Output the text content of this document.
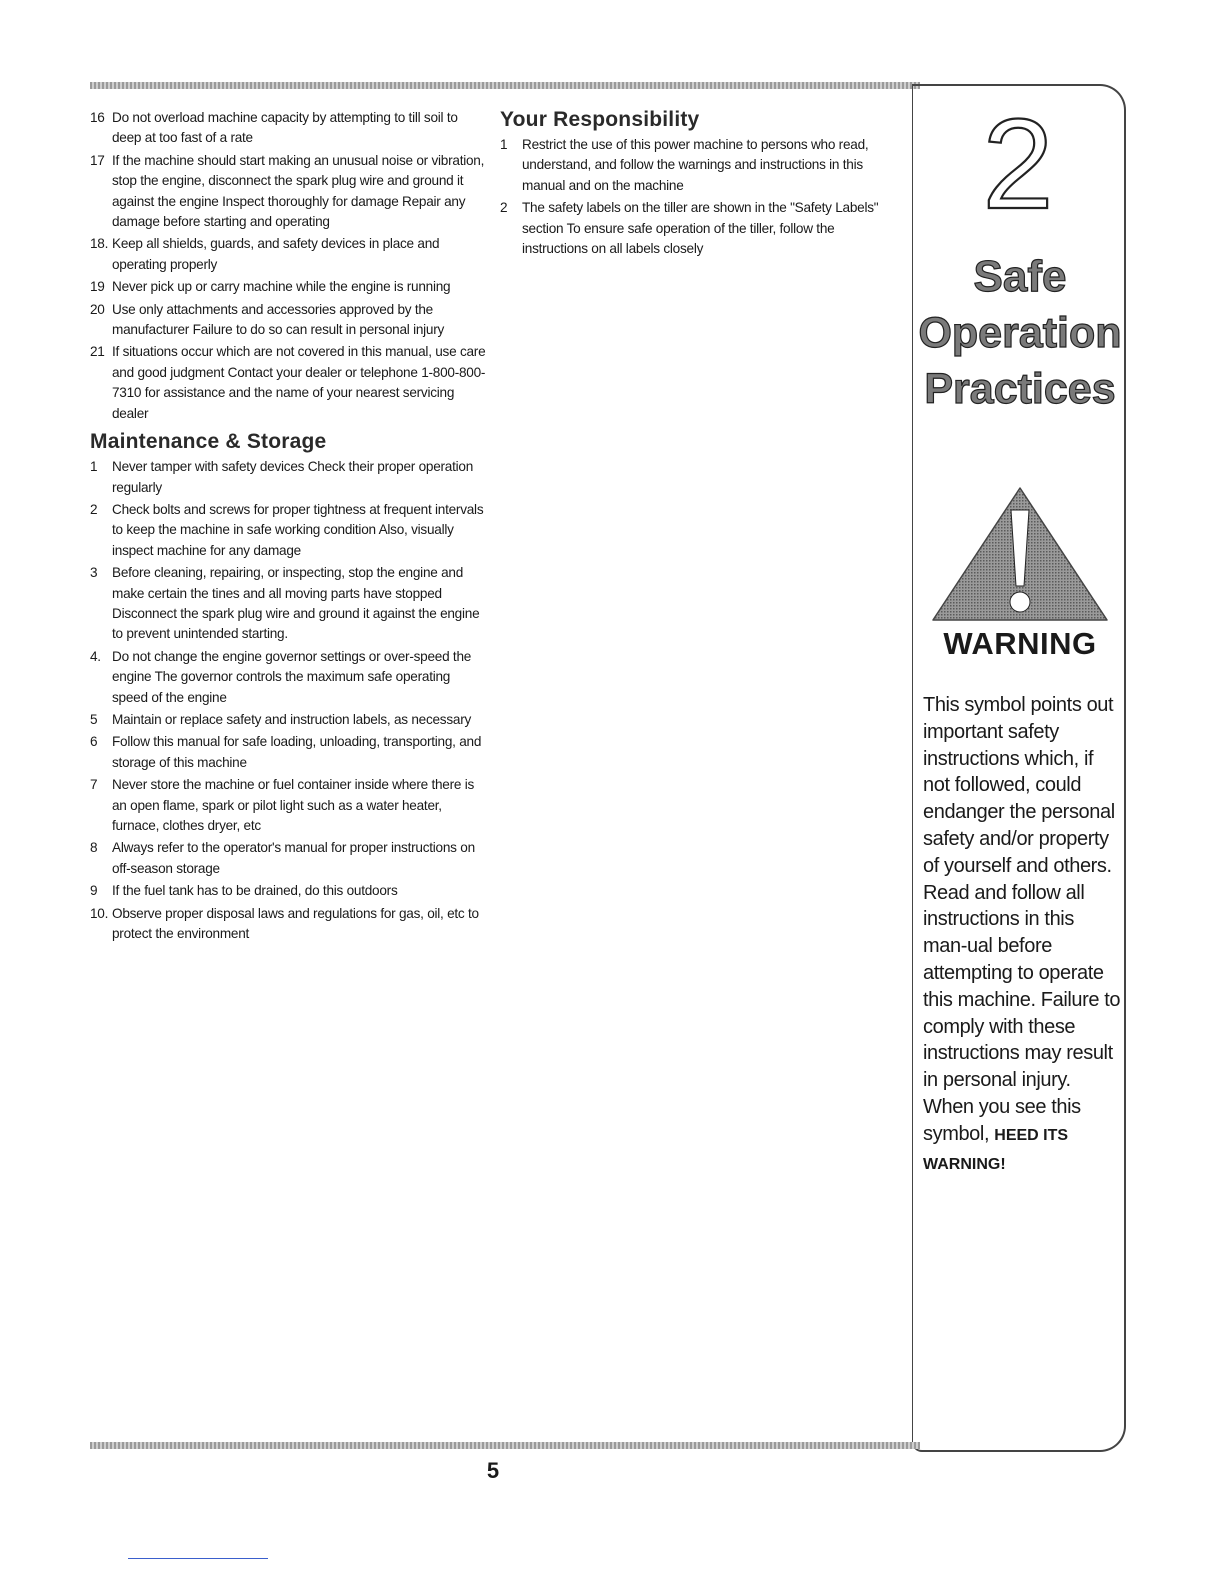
16 Do not overload machine capacity by attempting to till soil to deep at too fast of a rate
17 If the machine should start making an unusual noise or vibration, stop the engine, disconnect the spark plug wire and ground it against the engine Inspect thoroughly for damage Repair any damage before starting and operating
18. Keep all shields, guards, and safety devices in place and operating properly
19 Never pick up or carry machine while the engine is running
20 Use only attachments and accessories approved by the manufacturer Failure to do so can result in personal injury
21 If situations occur which are not covered in this manual, use care and good judgment Contact your dealer or telephone 1-800-800-7310 for assistance and the name of your nearest servicing dealer
Maintenance & Storage
1	Never tamper with safety devices Check their proper operation regularly
2	Check bolts and screws for proper tightness at frequent intervals to keep the machine in safe working condition Also, visually inspect machine for any damage
3	Before cleaning, repairing, or inspecting, stop the engine and make certain the tines and all moving parts have stopped Disconnect the spark plug wire and ground it against the engine to prevent unintended starting.
4. Do not change the engine governor settings or over-speed the engine The governor controls the maximum safe operating speed of the engine
5	Maintain or replace safety and instruction labels, as necessary
6	Follow this manual for safe loading, unloading, transporting, and storage of this machine
7	Never store the machine or fuel container inside where there is an open flame, spark or pilot light such as a water heater, furnace, clothes dryer, etc
8	Always refer to the operator's manual for proper instructions on off-season storage
9	If the fuel tank has to be drained, do this outdoors
10. Observe proper disposal laws and regulations for gas, oil, etc to protect the environment
Your Responsibility
1	Restrict the use of this power machine to persons who read, understand, and follow the warnings and instructions in this manual and on the machine
2	The safety labels on the tiller are shown in the "Safety Labels" section To ensure safe operation of the tiller, follow the instructions on all labels closely
2
Safe
Operation
Practices
WARNING
This symbol points out important safety instructions which, if not followed, could endanger the personal safety and/or property of yourself and others. Read and follow all instructions in this man-ual before attempting to operate this machine. Failure to comply with these instructions may result in personal injury. When you see this symbol, HEED ITS WARNING!
5
